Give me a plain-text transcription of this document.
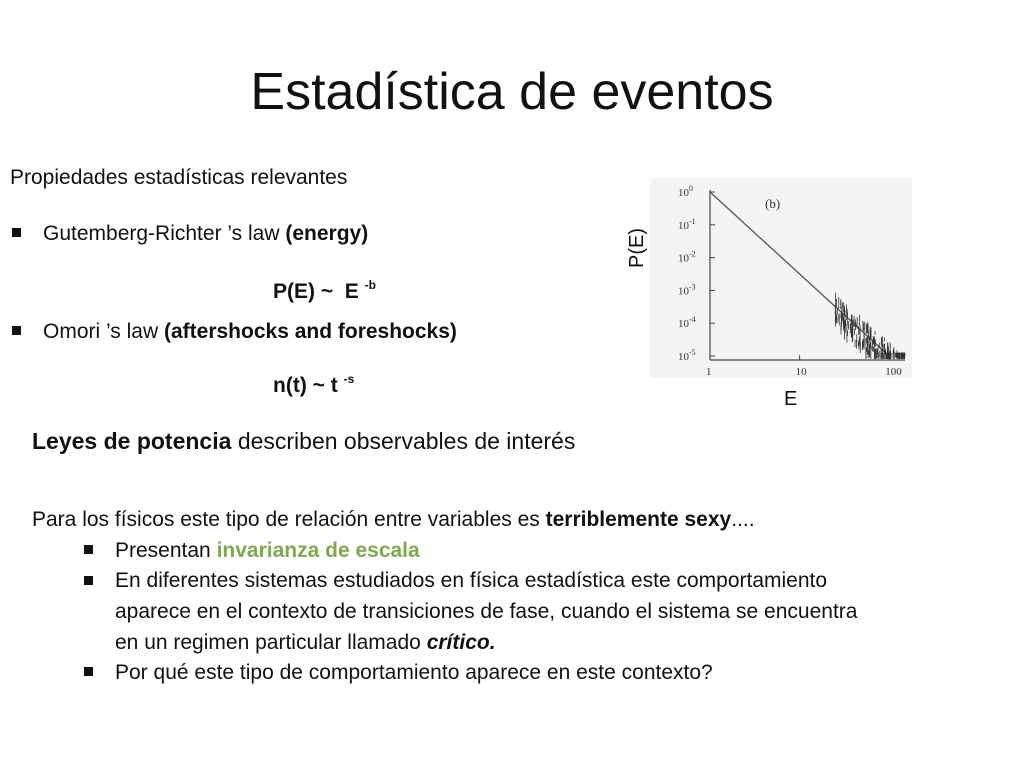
Estadística de eventos
Propiedades estadísticas relevantes
Gutemberg-Richter ’s law (energy)
P(E) ~ E $^{-b}$
Omori ’s law (aftershocks and foreshocks)
n(t) ~ t $^{-s}$
Leyes de potencia describen observables de interés
$10^0$
$10^{-1}$
$10^{-2}$
$10^{-3}$
$10^{-4}$
$10^{-5}$
1	10	100
(b)
P(E)
E
Para los físicos este tipo de relación entre variables es terriblemente sexy....
Presentan invarianza de escala
En diferentes sistemas estudiados en física estadística este comportamiento
aparece en el contexto de transiciones de fase, cuando el sistema se encuentra
en un regimen particular llamado crítico.
Por qué este tipo de comportamiento aparece en este contexto?
